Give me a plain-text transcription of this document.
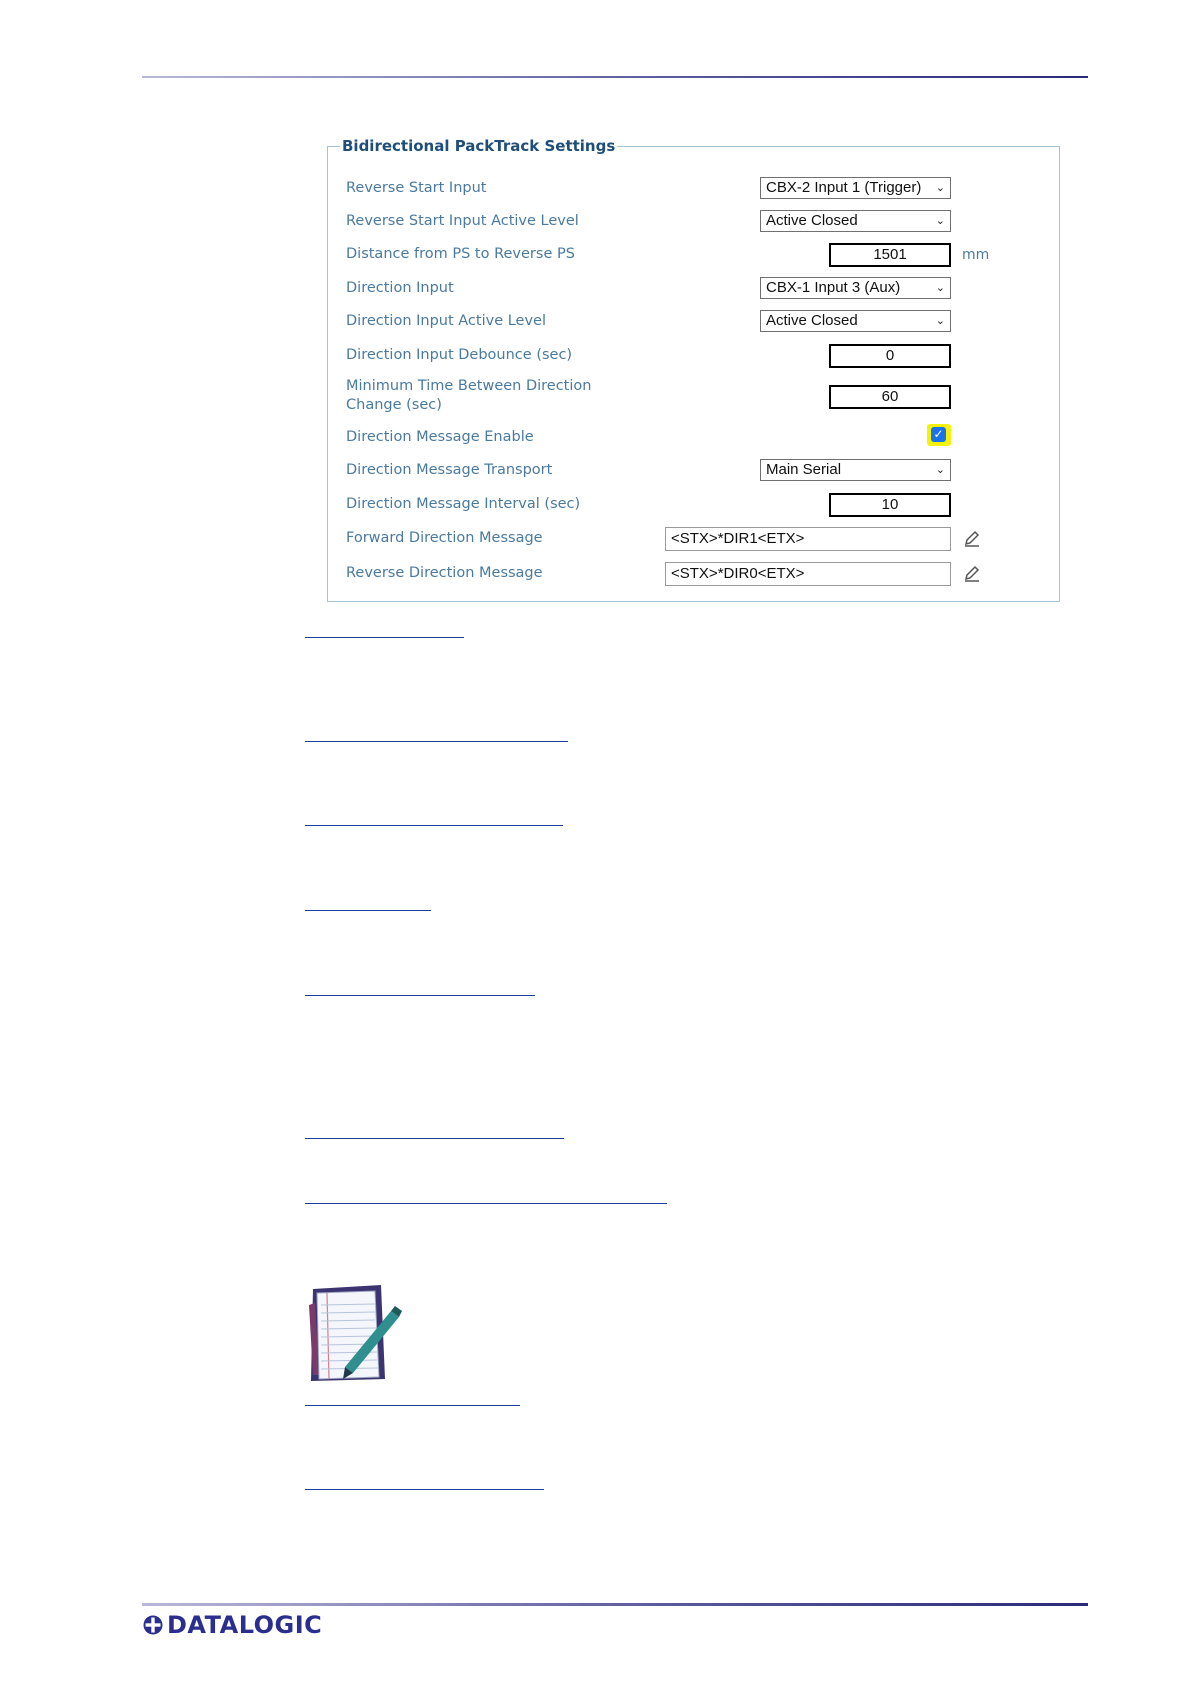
Bidirectional PackTrack Settings
Reverse Start Input	CBX-2 Input 1 (Trigger) ⌄
Reverse Start Input Active Level	Active Closed	⌄
Distance from PS to Reverse PS	1501	mm
Direction Input	CBX-1 Input 3 (Aux)	⌄
Direction Input Active Level	Active Closed	⌄
Direction Input Debounce (sec)	0
Minimum Time Between Direction Change (sec)	60
Direction Message Enable	✓
Direction Message Transport	Main Serial	⌄
Direction Message Interval (sec)	10
Forward Direction Message	<STX>*DIR1<ETX>
Reverse Direction Message	<STX>*DIR0<ETX>
DATALOGIC
